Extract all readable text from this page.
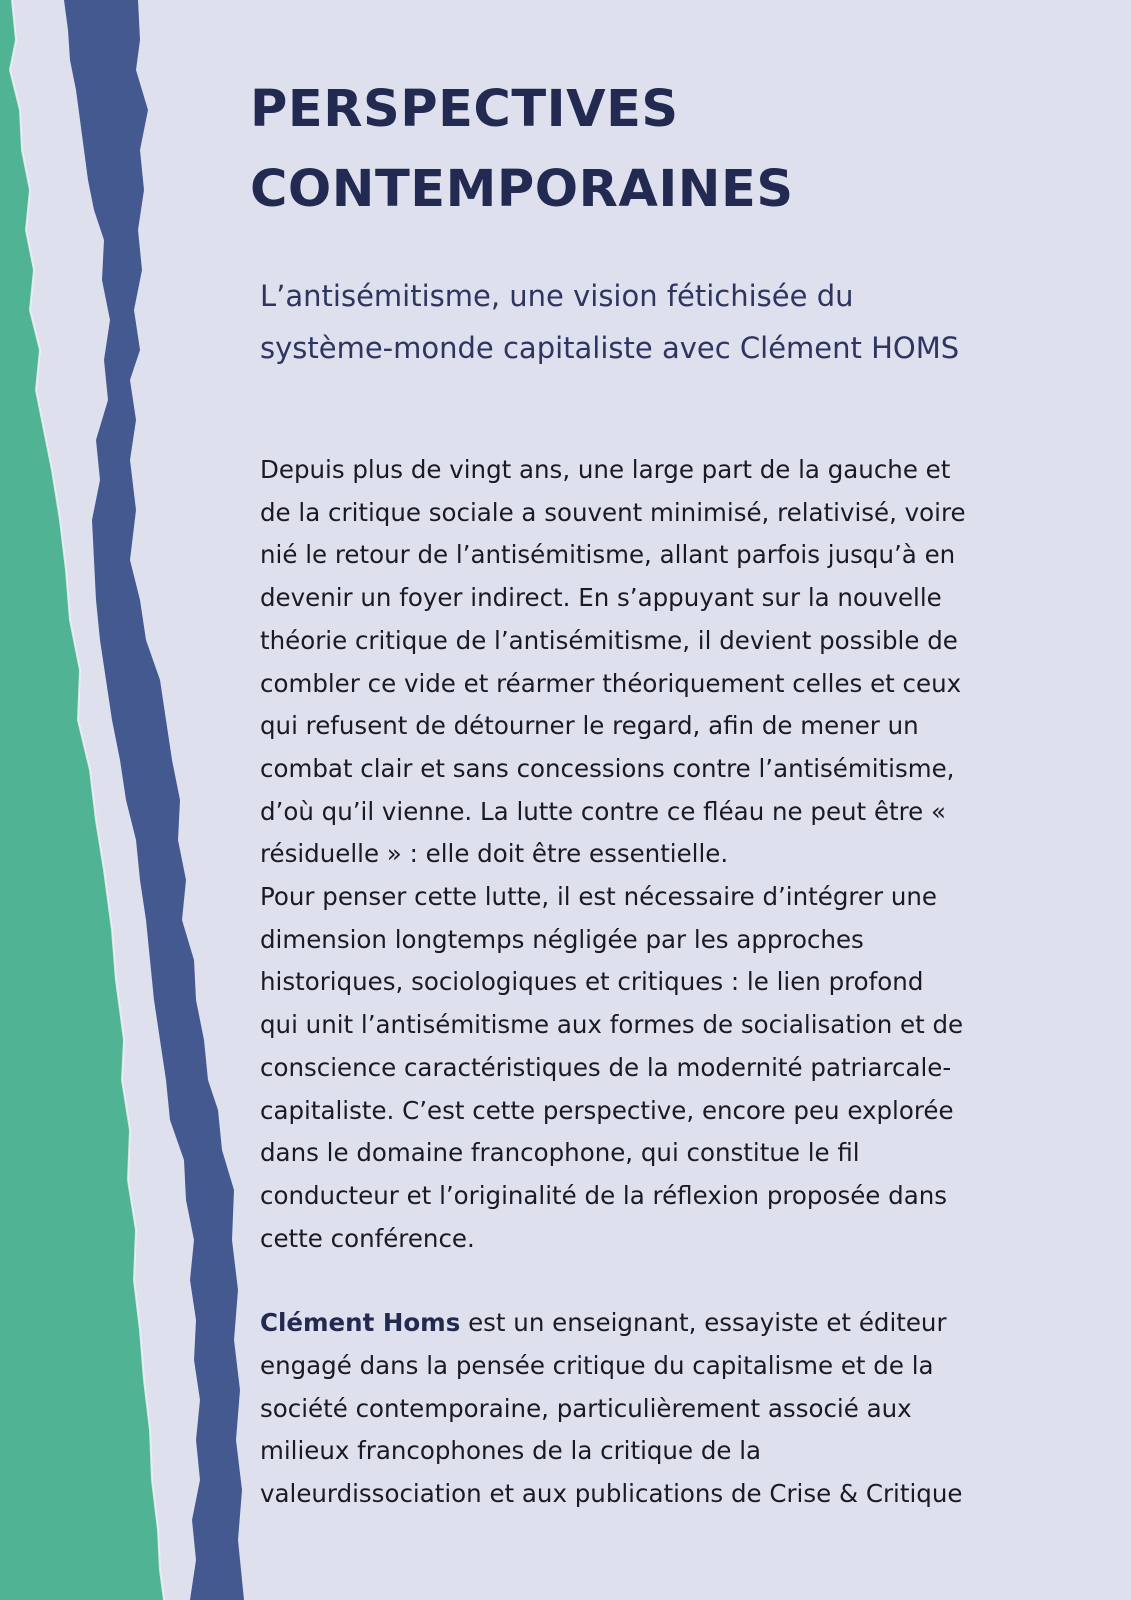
PERSPECTIVES
CONTEMPORAINES
L’antisémitisme, une vision fétichisée du
système-monde capitaliste avec Clément HOMS
Depuis plus de vingt ans, une large part de la gauche et
de la critique sociale a souvent minimisé, relativisé, voire
nié le retour de l’antisémitisme, allant parfois jusqu’à en
devenir un foyer indirect. En s’appuyant sur la nouvelle
théorie critique de l’antisémitisme, il devient possible de
combler ce vide et réarmer théoriquement celles et ceux
qui refusent de détourner le regard, afin de mener un
combat clair et sans concessions contre l’antisémitisme,
d’où qu’il vienne. La lutte contre ce fléau ne peut être «
résiduelle » : elle doit être essentielle.
Pour penser cette lutte, il est nécessaire d’intégrer une
dimension longtemps négligée par les approches
historiques, sociologiques et critiques : le lien profond
qui unit l’antisémitisme aux formes de socialisation et de
conscience caractéristiques de la modernité patriarcale-
capitaliste. C’est cette perspective, encore peu explorée
dans le domaine francophone, qui constitue le fil
conducteur et l’originalité de la réflexion proposée dans
cette conférence.
Clément Homs est un enseignant, essayiste et éditeur
engagé dans la pensée critique du capitalisme et de la
société contemporaine, particulièrement associé aux
milieux francophones de la critique de la
valeurdissociation et aux publications de Crise & Critique
